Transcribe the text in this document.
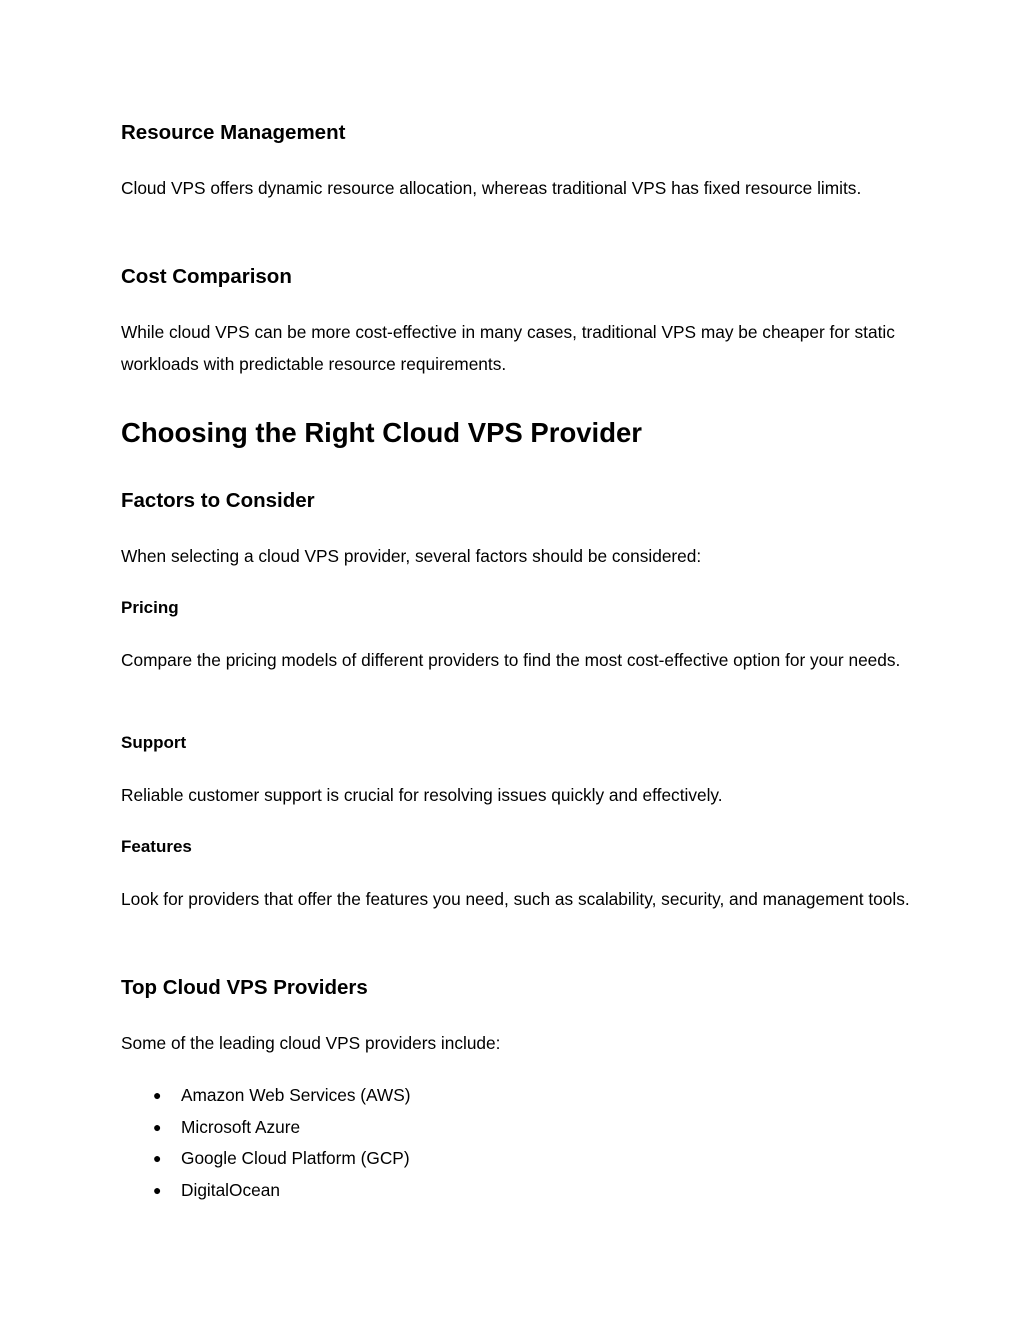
Resource Management

Cloud VPS offers dynamic resource allocation, whereas traditional VPS has fixed resource limits.

Cost Comparison

While cloud VPS can be more cost-effective in many cases, traditional VPS may be cheaper for static workloads with predictable resource requirements.

Choosing the Right Cloud VPS Provider
Factors to Consider

When selecting a cloud VPS provider, several factors should be considered:

Pricing

Compare the pricing models of different providers to find the most cost-effective option for your needs.

Support

Reliable customer support is crucial for resolving issues quickly and effectively.

Features

Look for providers that offer the features you need, such as scalability, security, and management tools.

Top Cloud VPS Providers

Some of the leading cloud VPS providers include:

● Amazon Web Services (AWS)
● Microsoft Azure
● Google Cloud Platform (GCP)
● DigitalOcean
